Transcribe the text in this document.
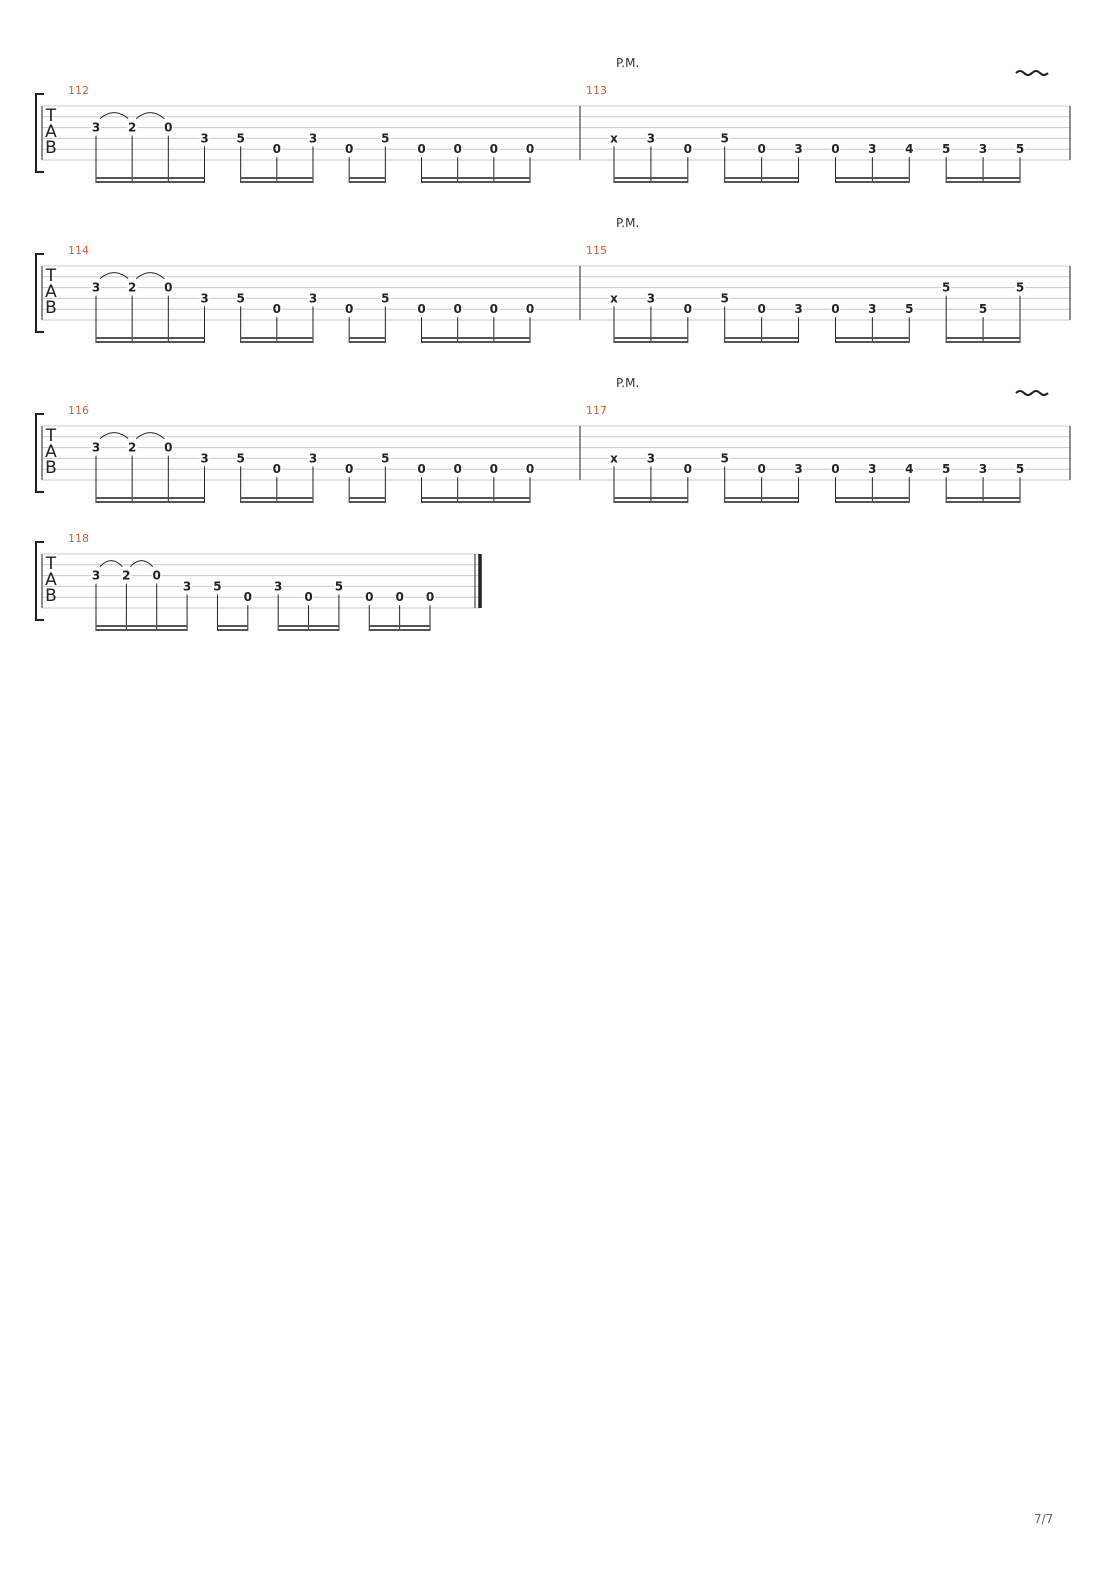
T
A
B
112
3 2 0
3 5
0
3
0
5
0 0 0 0
113
P.M.
x 3
0
5
0 3 0 3 4 5 3 5
T
A
B
114
3 2 0
3 5
0
3
0
5
0 0 0 0
115
P.M.
x 3
0
5
0 3 0 3 5
5
5
5
T
A
B
116
3 2 0
3 5
0
3
0
5
0 0 0 0
117
P.M.
x 3
0
5
0 3 0 3 4 5 3 5
T
A
B
118
3 2 0
3 5
0
3
0
5
0 0 0
7/7
